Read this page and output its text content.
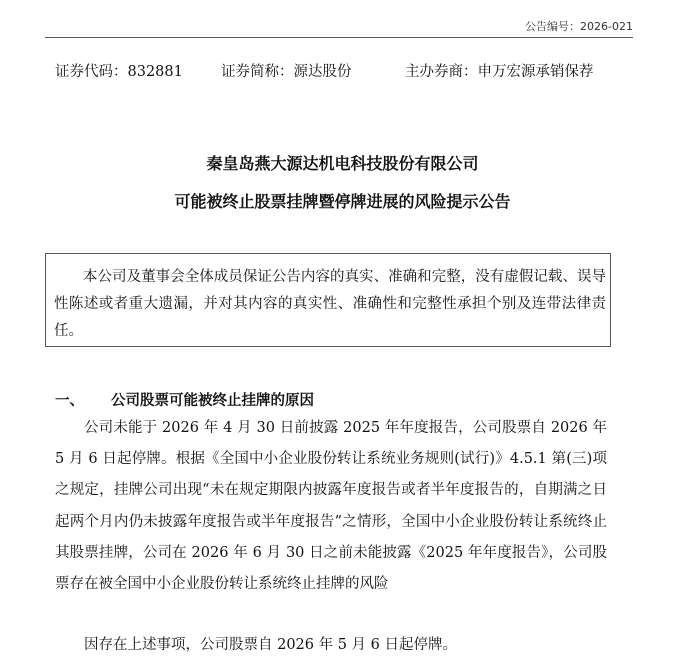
公告编号：2026-021
证券代码：832881	证券简称：源达股份	主办券商：申万宏源承销保荐
秦皇岛燕大源达机电科技股份有限公司
可能被终止股票挂牌暨停牌进展的风险提示公告

本公司及董事会全体成员保证公告内容的真实、准确和完整，没有虚假记载、误导性陈述或者重大遗漏，并对其内容的真实性、准确性和完整性承担个别及连带法律责任。

一、 公司股票可能被终止挂牌的原因

公司未能于 2026 年 4 月 30 日前披露 2025 年年度报告，公司股票自 2026 年 5 月 6 日起停牌。根据《全国中小企业股份转让系统业务规则(试行)》4.5.1 第(三)项之规定，挂牌公司出现“未在规定期限内披露年度报告或者半年度报告的，自期满之日起两个月内仍未披露年度报告或半年度报告”之情形，全国中小企业股份转让系统终止其股票挂牌，公司在 2026 年 6 月 30 日之前未能披露《2025 年年度报告》，公司股票存在被全国中小企业股份转让系统终止挂牌的风险

因存在上述事项，公司股票自 2026 年 5 月 6 日起停牌。
